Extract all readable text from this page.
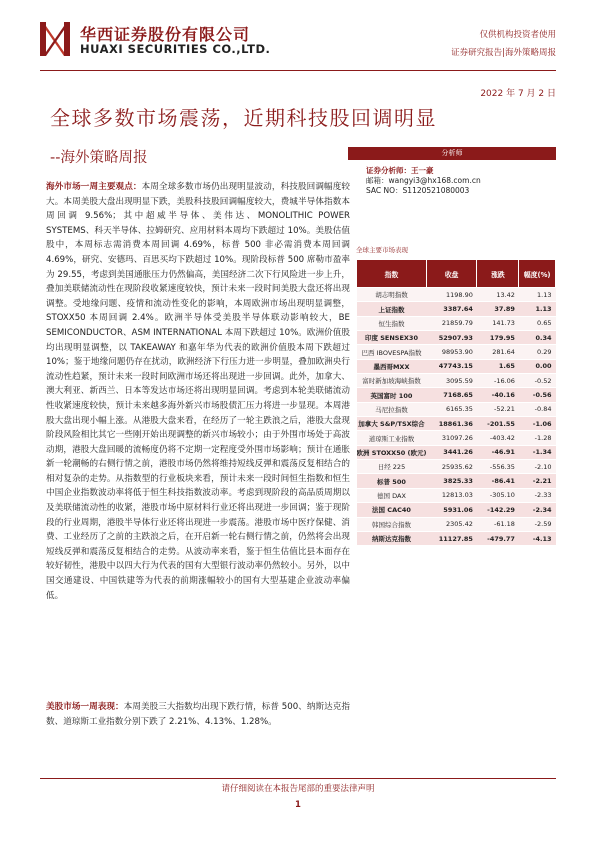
华西证券股份有限公司
HUAXI SECURITIES CO.,LTD.
仅供机构投资者使用
证券研究报告|海外策略周报
2022 年 7 月 2 日
全球多数市场震荡，近期科技股回调明显
--海外策略周报	分析师
证券分析师：王一豪
邮箱：wangyi3@hx168.com.cn
SAC NO：S1120521080003
全球主要市场表现
指数	收盘	涨跌	幅度(%)
胡志明指数	1198.90	13.42	1.13
上证指数	3387.64	37.89	1.13
恒生指数	21859.79	141.73	0.65
印度 SENSEX30	52907.93	179.95	0.34
巴西 IBOVESPA指数	98953.90	281.64	0.29
墨西哥MXX	47743.15	1.65	0.00
富时新加坡海峡指数	3095.59	-16.06	-0.52
英国富时 100	7168.65	-40.16	-0.56
马尼拉指数	6165.35	-52.21	-0.84
加拿大 S&P/TSX综合	18861.36	-201.55	-1.06
道琼斯工业指数	31097.26	-403.42	-1.28
欧洲 STOXX50 (欧元)	3441.26	-46.91	-1.34
日经 225	25935.62	-556.35	-2.10
标普 500	3825.33	-86.41	-2.21
德国 DAX	12813.03	-305.10	-2.33
法国 CAC40	5931.06	-142.29	-2.34
韩国综合指数	2305.42	-61.18	-2.59
纳斯达克指数	11127.85	-479.77	-4.13
海外市场一周主要观点：本周全球多数市场仍出现明显波动，科技股回调幅度较大。本周美股大盘出现明显下跌，美股科技股回调幅度较大，费城半导体指数本周回调 9.56%；其中超威半导体、美伟达、MONOLITHIC POWER SYSTEMS、科天半导体、拉姆研究、应用材料本周均下跌超过 10%。美股估值股中，本周标志需消费本周回调 4.69%，标普 500 非必需消费本周回调 4.69%，研究、安德玛、百思买均下跌超过 10%。现阶段标普 500 席勒市盈率为 29.55，考虑到美国通胀压力仍然偏高，美国经济二次下行风险进一步上升，叠加美联储流动性在现阶段收紧速度较快，预计未来一段时间美股大盘还将出现调整。受地缘问题、疫情和流动性变化的影响，本周欧洲市场出现明显调整，STOXX50 本周回调 2.4%。欧洲半导体受美股半导体联动影响较大，BE SEMICONDUCTOR、ASM INTERNATIONAL 本周下跌超过 10%。欧洲价值股均出现明显调整，以 TAKEAWAY 和嘉年华为代表的欧洲价值股本周下跌超过 10%；鉴于地缘问题仍存在扰动，欧洲经济下行压力进一步明显，叠加欧洲央行流动性趋紧，预计未来一段时间欧洲市场还将出现进一步回调。此外，加拿大、澳大利亚、新西兰、日本等发达市场还将出现明显回调。考虑到本轮美联储流动性收紧速度较快，预计未来越多海外新兴市场股债汇压力将进一步显现。本周港股大盘出现小幅上涨。从港股大盘来看，在经历了一轮主跌浪之后，港股大盘现阶段风险相比其它一些刚开始出现调整的新兴市场较小；由于外围市场处于高波动期，港股大盘回暖的流畅度仍将不定期一定程度受外围市场影响；预计在通胀新一轮潮畅的右侧行情之前，港股市场仍然将维持短线反弹和震荡反复相结合的相对复杂的走势。从指数型的行业板块来看，预计未来一段时间恒生指数和恒生中国企业指数波动率将低于恒生科技指数波动率。考虑到现阶段的高品质周期以及美联储流动性的收紧，港股市场中原材料行业还将出现进一步回调；鉴于现阶段的行业周期，港股半导体行业还将出现进一步震荡。港股市场中医疗保健、消费、工业经历了之前的主跌浪之后，在开启新一轮右侧行情之前，仍然将会出现短线反弹和震荡反复相结合的走势。从波动率来看，鉴于恒生估值比县本面存在较好韧性，港股中以四大行为代表的国有大型银行波动率仍然较小。另外，以中国交通建设、中国铁建等为代表的前期涨幅较小的国有大型基建企业波动率偏低。
美股市场一周表现：本周美股三大指数均出现下跌行情，标普 500、纳斯达克指数、道琼斯工业指数分别下跌了 2.21%、4.13%、1.28%。
请仔细阅读在本报告尾部的重要法律声明
1
